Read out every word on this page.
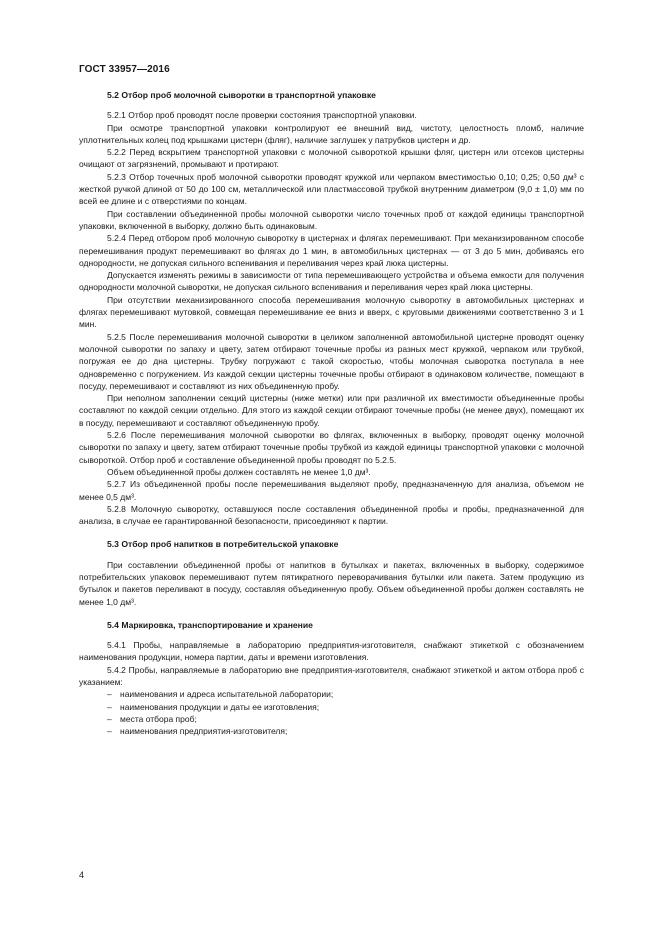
ГОСТ 33957—2016
5.2 Отбор проб молочной сыворотки в транспортной упаковке

5.2.1 Отбор проб проводят после проверки состояния транспортной упаковки.

При осмотре транспортной упаковки контролируют ее внешний вид, чистоту, целостность пломб, наличие уплотнительных колец под крышками цистерн (фляг), наличие заглушек у патрубков цистерн и др.

5.2.2 Перед вскрытием транспортной упаковки с молочной сывороткой крышки фляг, цистерн или отсеков цистерны очищают от загрязнений, промывают и протирают.

5.2.3 Отбор точечных проб молочной сыворотки проводят кружкой или черпаком вместимостью 0,10; 0,25; 0,50 дм³ с жесткой ручкой длиной от 50 до 100 см, металлической или пластмассовой трубкой внутренним диаметром (9,0 ± 1,0) мм по всей ее длине и с отверстиями по концам.

При составлении объединенной пробы молочной сыворотки число точечных проб от каждой единицы транспортной упаковки, включенной в выборку, должно быть одинаковым.

5.2.4 Перед отбором проб молочную сыворотку в цистернах и флягах перемешивают. При механизированном способе перемешивания продукт перемешивают во флягах до 1 мин, в автомобильных цистернах — от 3 до 5 мин, добиваясь его однородности, не допуская сильного вспенивания и переливания через край люка цистерны.

Допускается изменять режимы в зависимости от типа перемешивающего устройства и объема емкости для получения однородности молочной сыворотки, не допуская сильного вспенивания и переливания через край люка цистерны.

При отсутствии механизированного способа перемешивания молочную сыворотку в автомобильных цистернах и флягах перемешивают мутовкой, совмещая перемешивание ее вниз и вверх, с круговыми движениями соответственно 3 и 1 мин.

5.2.5 После перемешивания молочной сыворотки в целиком заполненной автомобильной цистерне проводят оценку молочной сыворотки по запаху и цвету, затем отбирают точечные пробы из разных мест кружкой, черпаком или трубкой, погружая ее до дна цистерны. Трубку погружают с такой скоростью, чтобы молочная сыворотка поступала в нее одновременно с погружением. Из каждой секции цистерны точечные пробы отбирают в одинаковом количестве, помещают в посуду, перемешивают и составляют из них объединенную пробу.

При неполном заполнении секций цистерны (ниже метки) или при различной их вместимости объединенные пробы составляют по каждой секции отдельно. Для этого из каждой секции отбирают точечные пробы (не менее двух), помещают их в посуду, перемешивают и составляют объединенную пробу.

5.2.6 После перемешивания молочной сыворотки во флягах, включенных в выборку, проводят оценку молочной сыворотки по запаху и цвету, затем отбирают точечные пробы трубкой из каждой единицы транспортной упаковки с молочной сывороткой. Отбор проб и составление объединенной пробы проводят по 5.2.5.

Объем объединенной пробы должен составлять не менее 1,0 дм³.

5.2.7 Из объединенной пробы после перемешивания выделяют пробу, предназначенную для анализа, объемом не менее 0,5 дм³.

5.2.8 Молочную сыворотку, оставшуюся после составления объединенной пробы и пробы, предназначенной для анализа, в случае ее гарантированной безопасности, присоединяют к партии.

5.3 Отбор проб напитков в потребительской упаковке

При составлении объединенной пробы от напитков в бутылках и пакетах, включенных в выборку, содержимое потребительских упаковок перемешивают путем пятикратного переворачивания бутылки или пакета. Затем продукцию из бутылок и пакетов переливают в посуду, составляя объединенную пробу. Объем объединенной пробы должен составлять не менее 1,0 дм³.

5.4 Маркировка, транспортирование и хранение

5.4.1 Пробы, направляемые в лабораторию предприятия-изготовителя, снабжают этикеткой с обозначением наименования продукции, номера партии, даты и времени изготовления.

5.4.2 Пробы, направляемые в лабораторию вне предприятия-изготовителя, снабжают этикеткой и актом отбора проб с указанием:

– наименования и адреса испытательной лаборатории;

– наименования продукции и даты ее изготовления;

– места отбора проб;

– наименования предприятия-изготовителя;

4
